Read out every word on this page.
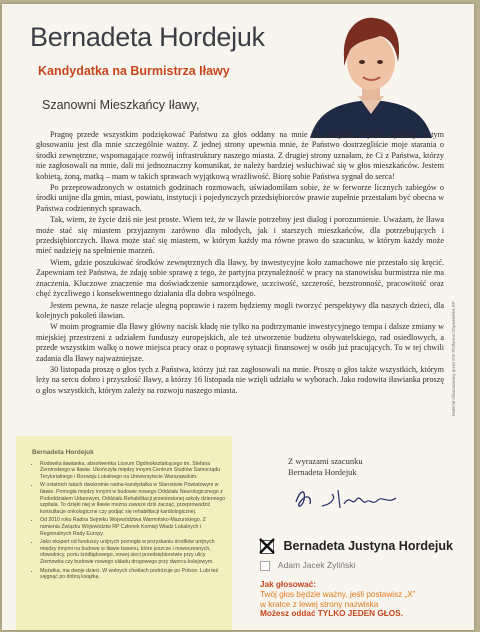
Bernadeta Hordejuk
Kandydatka na Burmistrza Iławy
Szanowni Mieszkańcy Iławy,

Pragnę przede wszystkim podziękować Państwu za głos oddany na mnie 16 listopada. Wynik uzyskany w tym głosowaniu jest dla mnie szczególnie ważny. Z jednej strony upewnia mnie, że Państwo dostrzegliście moje starania o środki zewnętrzne, wspomagające rozwój infrastruktury naszego miasta. Z drugiej strony uznałam, że Ci z Państwa, którzy nie zagłosowali na mnie, dali mi jednoznaczny komunikat, że należy bardziej wsłuchiwać się w głos mieszkańców. Jestem kobietą, żoną, matką – mam w takich sprawach wyjątkową wrażliwość. Biorę sobie Państwa sygnał do serca!

Po przeprowadzonych w ostatnich godzinach rozmowach, uświadomiłam sobie, że w ferworze licznych zabiegów o środki unijne dla gmin, miast, powiatu, instytucji i pojedynczych przedsiębiorców prawie zupełnie przestałam być obecna w Państwa codziennych sprawach.

Tak, wiem, że życie dziś nie jest proste. Wiem też, że w Iławie potrzebny jest dialog i porozumienie. Uważam, że Iława może stać się miastem przyjaznym zarówno dla młodych, jak i starszych mieszkańców, dla potrzebujących i przedsiębiorczych. Iława może stać się miastem, w którym każdy ma równe prawo do szacunku, w którym każdy może mieć nadzieję na spełnienie marzeń.

Wiem, gdzie poszukiwać środków zewnętrznych dla Iławy, by inwestycyjne koło zamachowe nie przestało się kręcić. Zapewniam też Państwa, że zdaję sobie sprawę z tego, że partyjna przynależność w pracy na stanowisku burmistrza nie ma znaczenia. Kluczowe znaczenie ma doświadczenie samorządowe, uczciwość, szczerość, bezstronność, pracowitość oraz chęć życzliwego i konsekwentnego działania dla dobra wspólnego.

Jestem pewna, że nasze relacje ulegną poprawie i razem będziemy mogli tworzyć perspektywy dla naszych dzieci, dla kolejnych pokoleń iławian.

W moim programie dla Iławy główny nacisk kładę nie tylko na podtrzymanie inwestycyjnego tempa i dalsze zmiany w miejskiej przestrzeni z udziałem funduszy europejskich, ale też utworzenie budżetu obywatelskiego, rad osiedlowych, a przede wszystkim walkę o nowe miejsca pracy oraz o poprawę sytuacji finansowej w osób już pracujących. To w tej chwili zadania dla Iławy najważniejsze.

30 listopada proszę o głos tych z Państwa, którzy już raz zagłosowali na mnie. Proszę o głos także wszystkich, którym leży na sercu dobro i przyszłość Iławy, a którzy 16 listopada nie wzięli udziału w wyborach. Jako rodowita iławianka proszę o głos wszystkich, którym zależy na rozwoju naszego miasta.	Materiał sfinansowany przez KW Platforma Obywatelska RP
Bernadeta Hordejuk
• Rodowita iławianka, absolwentka Liceum Ogólnokształcącego im. Stefana Żeromskiego w Iławie. Ukończyła między innymi Centrum Studiów Samorządu Terytorialnego i Rozwoju Lokalnego na Uniwersytecie Warszawskim.
• W ostatnich latach dwukrotnie radna-kandydatka w Starostwie Powiatowym w Iławie. Pomogła między innymi w budowie nowego Oddziału Neurologicznego z Pododdziałem Udarowym, Oddziału Rehabilitacji przeniesionej szkoły dziennego szpitala. To dzięki niej w Iławie można zawsze dziś zacząć, przeprowadzić konsultacje onkologiczne czy podjąć się rehabilitacji kardiologicznej.
• Od 2010 roku Radna Sejmiku Województwa Warmińsko-Mazurskiego. Z ramienia Związku Województw RP Członek Komisji Władz Lokalnych i Regionalnych Rady Europy.
• Jako ekspert od funduszy unijnych pomogła w pozyskaniu środków unijnych między innymi na budowę w Iławie basenu, które jeszcze i nowoczesnych, obwodnicy, portu śródlądowego, nowej sieci przedsiębiorstwie przy ulicy Ziemowita czy budowie nowego układu drogowego przy dworcu kolejowym.
• Mężatka, ma dwoje dzieci. W wolnych chwilach podróżuje po Polsce. Lubi też sięgnąć po dobrą książkę.
Z wyrazami szacunku
Bernadeta Hordejuk
Bernadeta Justyna Hordejuk
Adam Jacek Żyliński
Jak głosować:
Twój głos będzie ważny, jeśli postawisz „X”
w kratce z lewej strony nazwiska
Możesz oddać TYLKO JEDEN GŁOS.
